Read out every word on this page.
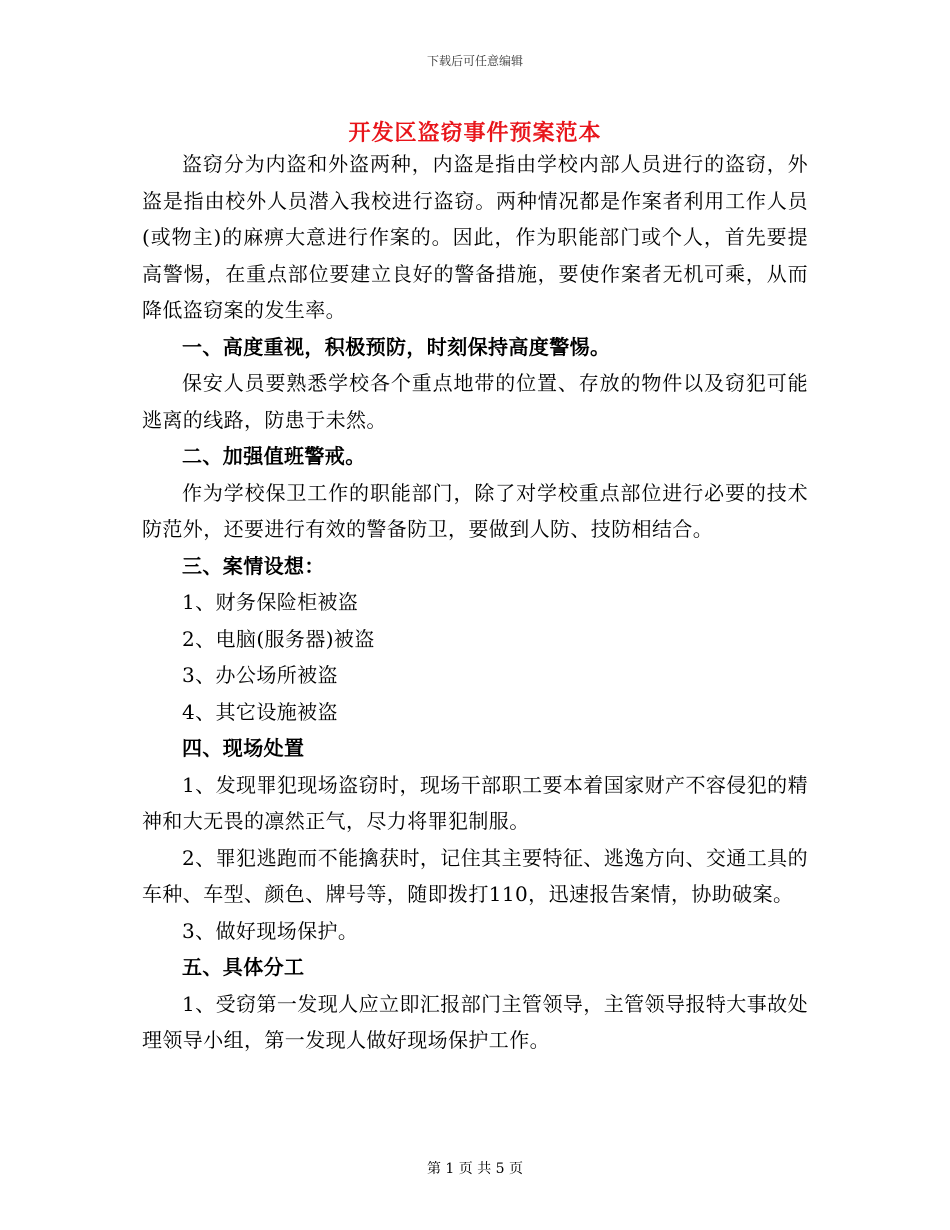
下载后可任意编辑
开发区盗窃事件预案范本

盗窃分为内盗和外盗两种，内盗是指由学校内部人员进行的盗窃，外盗是指由校外人员潜入我校进行盗窃。两种情况都是作案者利用工作人员(或物主)的麻痹大意进行作案的。因此，作为职能部门或个人，首先要提高警惕，在重点部位要建立良好的警备措施，要使作案者无机可乘，从而降低盗窃案的发生率。

一、高度重视，积极预防，时刻保持高度警惕。

保安人员要熟悉学校各个重点地带的位置、存放的物件以及窃犯可能逃离的线路，防患于未然。

二、加强值班警戒。

作为学校保卫工作的职能部门，除了对学校重点部位进行必要的技术防范外，还要进行有效的警备防卫，要做到人防、技防相结合。

三、案情设想：

1、财务保险柜被盗

2、电脑(服务器)被盗

3、办公场所被盗

4、其它设施被盗

四、现场处置

1、发现罪犯现场盗窃时，现场干部职工要本着国家财产不容侵犯的精神和大无畏的凛然正气，尽力将罪犯制服。

2、罪犯逃跑而不能擒获时，记住其主要特征、逃逸方向、交通工具的车种、车型、颜色、牌号等，随即拨打110，迅速报告案情，协助破案。

3、做好现场保护。

五、具体分工

1、受窃第一发现人应立即汇报部门主管领导，主管领导报特大事故处理领导小组，第一发现人做好现场保护工作。

第 1 页 共 5 页
